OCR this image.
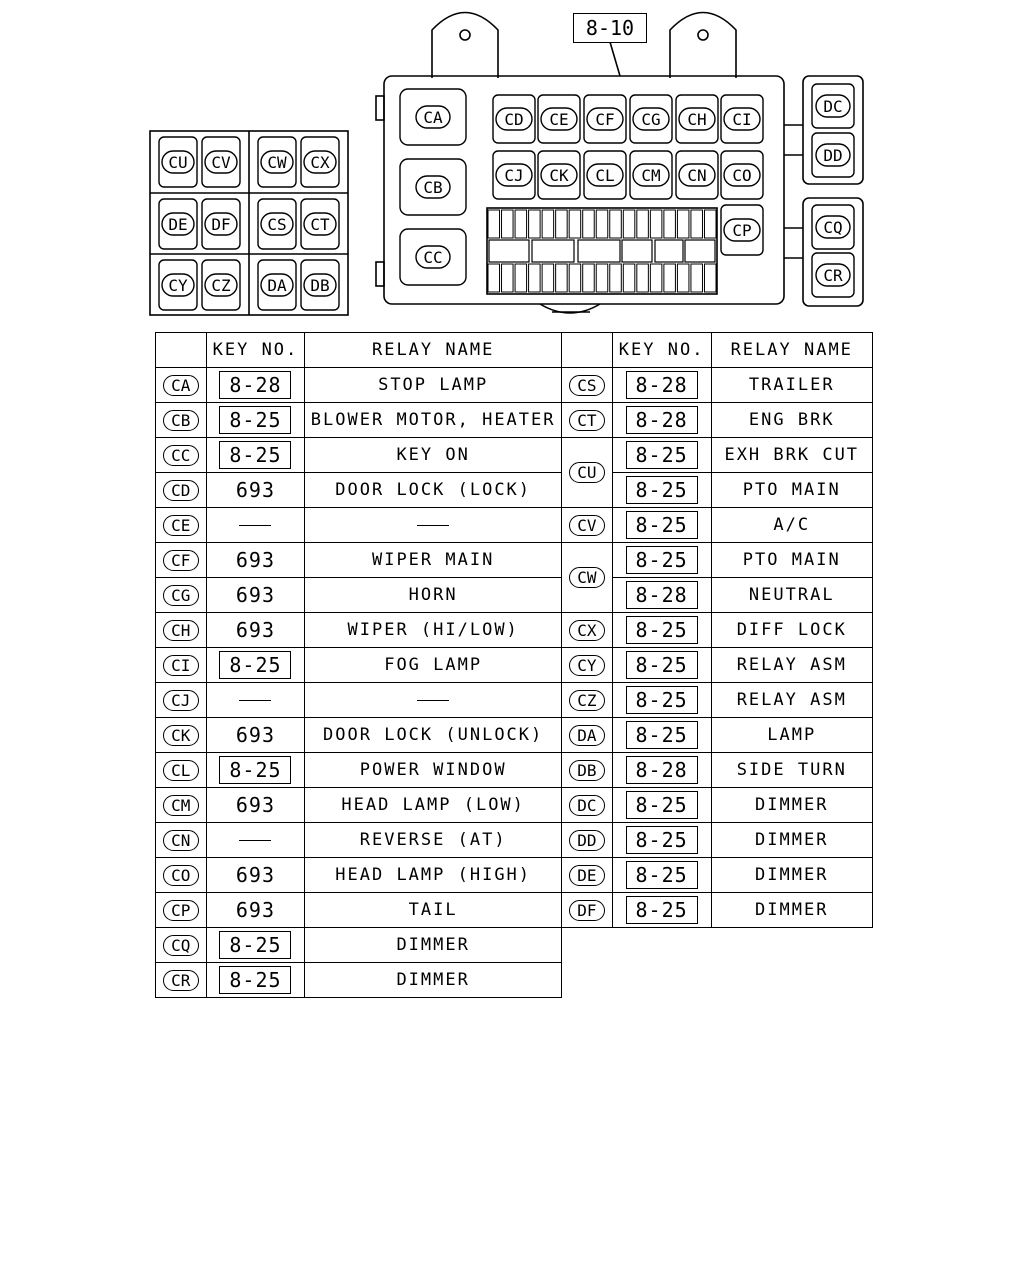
CU CV CW CX
DE DF CS CT
CY CZ DA DB
CA
CB
CC
CD CE CF CG CH CI
CJ CK CL CM CN CO
CP
DC
DD
CQ
CR
8-10
	KEY NO.	RELAY NAME
CA	8-28	STOP LAMP
CB	8-25	BLOWER MOTOR, HEATER
CC	8-25	KEY ON
CD	693	DOOR LOCK (LOCK)
CE		
CF	693	WIPER MAIN
CG	693	HORN
CH	693	WIPER (HI/LOW)
CI	8-25	FOG LAMP
CJ		
CK	693	DOOR LOCK (UNLOCK)
CL	8-25	POWER WINDOW
CM	693	HEAD LAMP (LOW)
CN		REVERSE (AT)
CO	693	HEAD LAMP (HIGH)
CP	693	TAIL
CQ	8-25	DIMMER
CR	8-25	DIMMER
	KEY NO.	RELAY NAME
CS	8-28	TRAILER
CT	8-28	ENG BRK
CU	8-25	EXH BRK CUT
	8-25	PTO MAIN
CV	8-25	A/C
CW	8-25	PTO MAIN
	8-28	NEUTRAL
CX	8-25	DIFF LOCK
CY	8-25	RELAY ASM
CZ	8-25	RELAY ASM
DA	8-25	LAMP
DB	8-28	SIDE TURN
DC	8-25	DIMMER
DD	8-25	DIMMER
DE	8-25	DIMMER
DF	8-25	DIMMER
